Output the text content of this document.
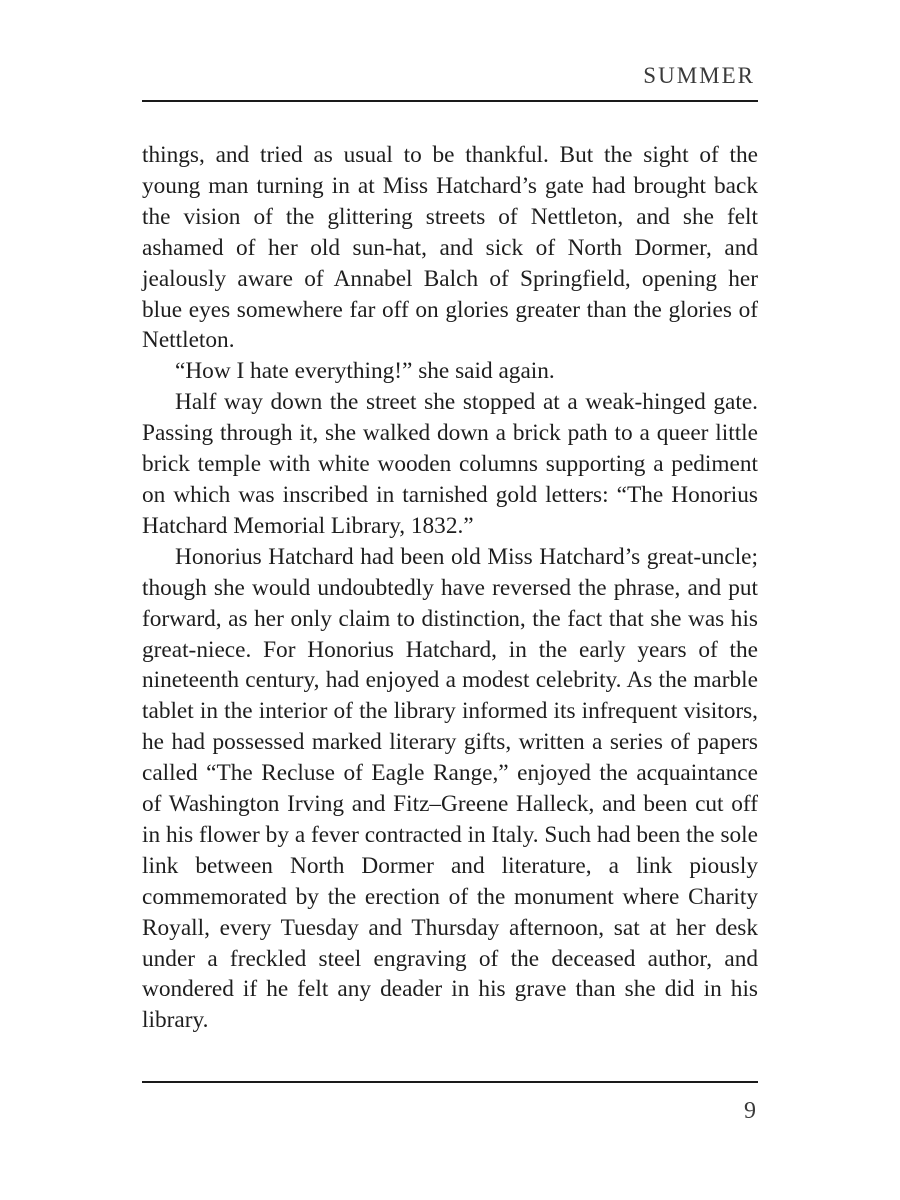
SUMMER

things, and tried as usual to be thankful. But the sight of the young man turning in at Miss Hatchard’s gate had brought back the vision of the glittering streets of Nettleton, and she felt ashamed of her old sun-hat, and sick of North Dormer, and jealously aware of Annabel Balch of Springfield, opening her blue eyes somewhere far off on glories greater than the glories of Nettleton.

“How I hate everything!” she said again.

Half way down the street she stopped at a weak-hinged gate. Passing through it, she walked down a brick path to a queer little brick temple with white wooden columns supporting a pediment on which was inscribed in tarnished gold letters: “The Honorius Hatchard Memorial Library, 1832.”

Honorius Hatchard had been old Miss Hatchard’s great-uncle; though she would undoubtedly have reversed the phrase, and put forward, as her only claim to distinction, the fact that she was his great-niece. For Honorius Hatchard, in the early years of the nineteenth century, had enjoyed a modest celebrity. As the marble tablet in the interior of the library informed its infrequent visitors, he had possessed marked literary gifts, written a series of papers called “The Recluse of Eagle Range,” enjoyed the acquaintance of Washington Irving and Fitz–Greene Halleck, and been cut off in his flower by a fever contracted in Italy. Such had been the sole link between North Dormer and literature, a link piously commemorated by the erection of the monument where Charity Royall, every Tuesday and Thursday afternoon, sat at her desk under a freckled steel engraving of the deceased author, and wondered if he felt any deader in his grave than she did in his library.

9
